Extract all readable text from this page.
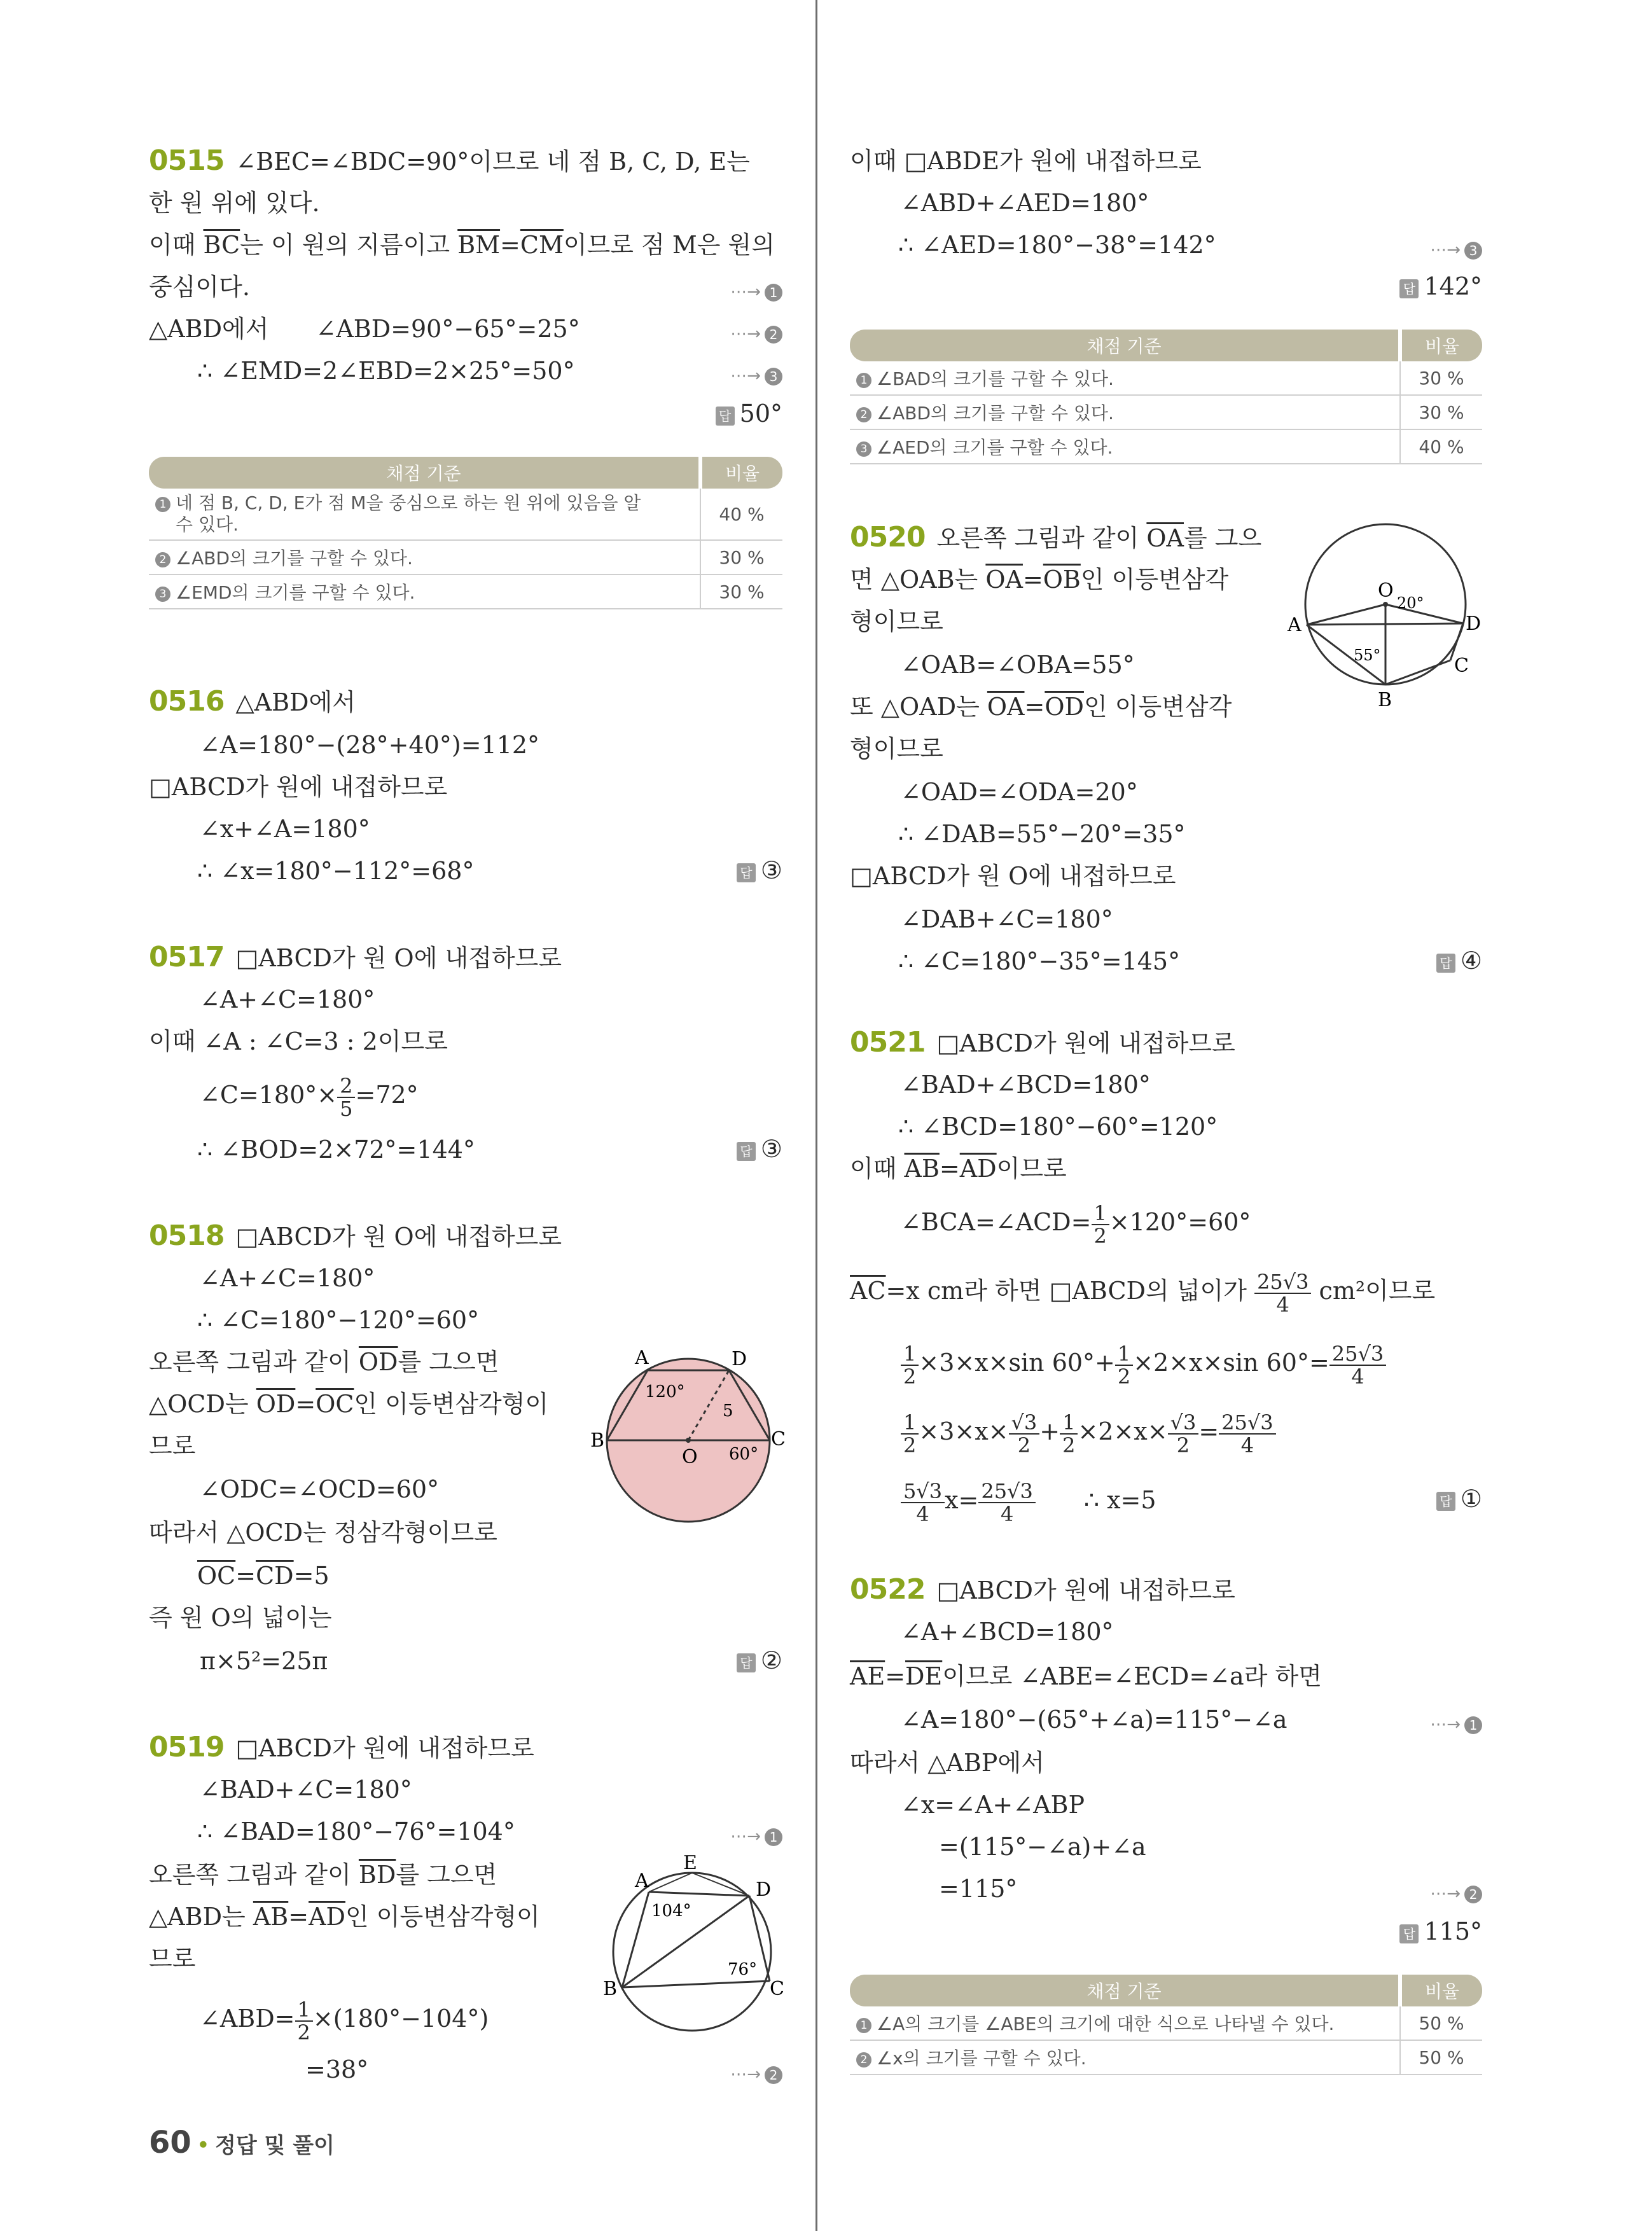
0515 ∠BEC=∠BDC=90°이므로 네 점 B, C, D, E는
한 원 위에 있다.
이때 $\overline{BC}$는 이 원의 지름이고 $\overline{BM}=\overline{CM}$이므로 점 M은 원의
중심이다.	⋯→ 1
△ABD에서 ∠ABD=90°−65°=25°	⋯→ 2
∴ ∠EMD=2∠EBD=2×25°=50°	⋯→ 3
답 50°
채점 기준	비율
1 네 점 B, C, D, E가 점 M을 중심으로 하는 원 위에 있음을 알
수 있다.	40 %
2 ∠ABD의 크기를 구할 수 있다.	30 %
3 ∠EMD의 크기를 구할 수 있다.	30 %
0516 △ABD에서
∠A=180°−(28°+40°)=112°
□ABCD가 원에 내접하므로
∠x+∠A=180°
∴ ∠x=180°−112°=68°	답 ③
0517 □ABCD가 원 O에 내접하므로
∠A+∠C=180°
이때 ∠A : ∠C=3 : 2이므로
∠C=180°× $\frac{2}{5} =72^\circ$
∴ ∠BOD=2×72°=144°	답 ③
0518 □ABCD가 원 O에 내접하므로
∠A+∠C=180°
∴ ∠C=180°−120°=60°
오른쪽 그림과 같이 $\overline{OD}$를 그으면
△OCD는 $\overline{OD}=\overline{OC}$인 이등변삼각형이
므로
∠ODC=∠OCD=60°
따라서 △OCD는 정삼각형이므로
$\overline{OC}=\overline{CD}=5$
즉 원 O의 넓이는
π×5²=25π	답 ②
A	D
B
O
C
120°
60°
5
0519 □ABCD가 원에 내접하므로
∠BAD+∠C=180°
∴ ∠BAD=180°−76°=104°	⋯→ 1
오른쪽 그림과 같이 $\overline{BD}$를 그으면
△ABD는 $\overline{AB}=\overline{AD}$인 이등변삼각형이
므로
∠ABD= $\frac{1}{2} \times(180^\circ-104^\circ)$
=38°	⋯→ 2
A
E
D
B	C
104°
76°
60 • 정답 및 풀이
이때 □ABDE가 원에 내접하므로
∠ABD+∠AED=180°
∴ ∠AED=180°−38°=142°	⋯→ 3
답 142°
채점 기준	비율
1 ∠BAD의 크기를 구할 수 있다.	30 %
2 ∠ABD의 크기를 구할 수 있다.	30 %
3 ∠AED의 크기를 구할 수 있다.	40 %
0520 오른쪽 그림과 같이 $\overline{OA}$를 그으
면 △OAB는 $\overline{OA}=\overline{OB}$인 이등변삼각
형이므로
∠OAB=∠OBA=55°
또 △OAD는 $\overline{OA}=\overline{OD}$인 이등변삼각
형이므로
∠OAD=∠ODA=20°
∴ ∠DAB=55°−20°=35°
□ABCD가 원 O에 내접하므로
∠DAB+∠C=180°
∴ ∠C=180°−35°=145°	답 ④
O
A	D
B
C
20°
55°
0521 □ABCD가 원에 내접하므로
∠BAD+∠BCD=180°
∴ ∠BCD=180°−60°=120°
이때 $\overline{AB}=\overline{AD}$이므로
∠BCA=∠ACD= $\frac{1}{2} \times 120^\circ=60^\circ$
$\overline{AC}=x$ cm라 하면 □ABCD의 넓이가 $\frac{25√3}{4} cm^2$이므로
$\frac{1}{2} \times 3\times x\times\sin$ $60^\circ+ \frac{1}{2} \times 2\times x\times\sin$ $60^\circ= \frac{25√3}{4}$
$\frac{1}{2} \times 3\times x\times \frac{√3}{2} + \frac{1}{2} \times 2\times x\times \frac{√3}{2} = \frac{25√3}{4}$
$\frac{5√3}{4} x= \frac{25√3}{4}$ ∴ x=5	답 ①
0522 □ABCD가 원에 내접하므로
∠A+∠BCD=180°
$\overline{AE}=\overline{DE}$이므로 ∠ABE=∠ECD=∠a라 하면
∠A=180°−(65°+∠a)=115°−∠a	⋯→ 1
따라서 △ABP에서
∠x=∠A+∠ABP
=(115°−∠a)+∠a
=115°	⋯→ 2
답 115°
채점 기준	비율
1 ∠A의 크기를 ∠ABE의 크기에 대한 식으로 나타낼 수 있다.	50 %
2 ∠x의 크기를 구할 수 있다.	50 %
